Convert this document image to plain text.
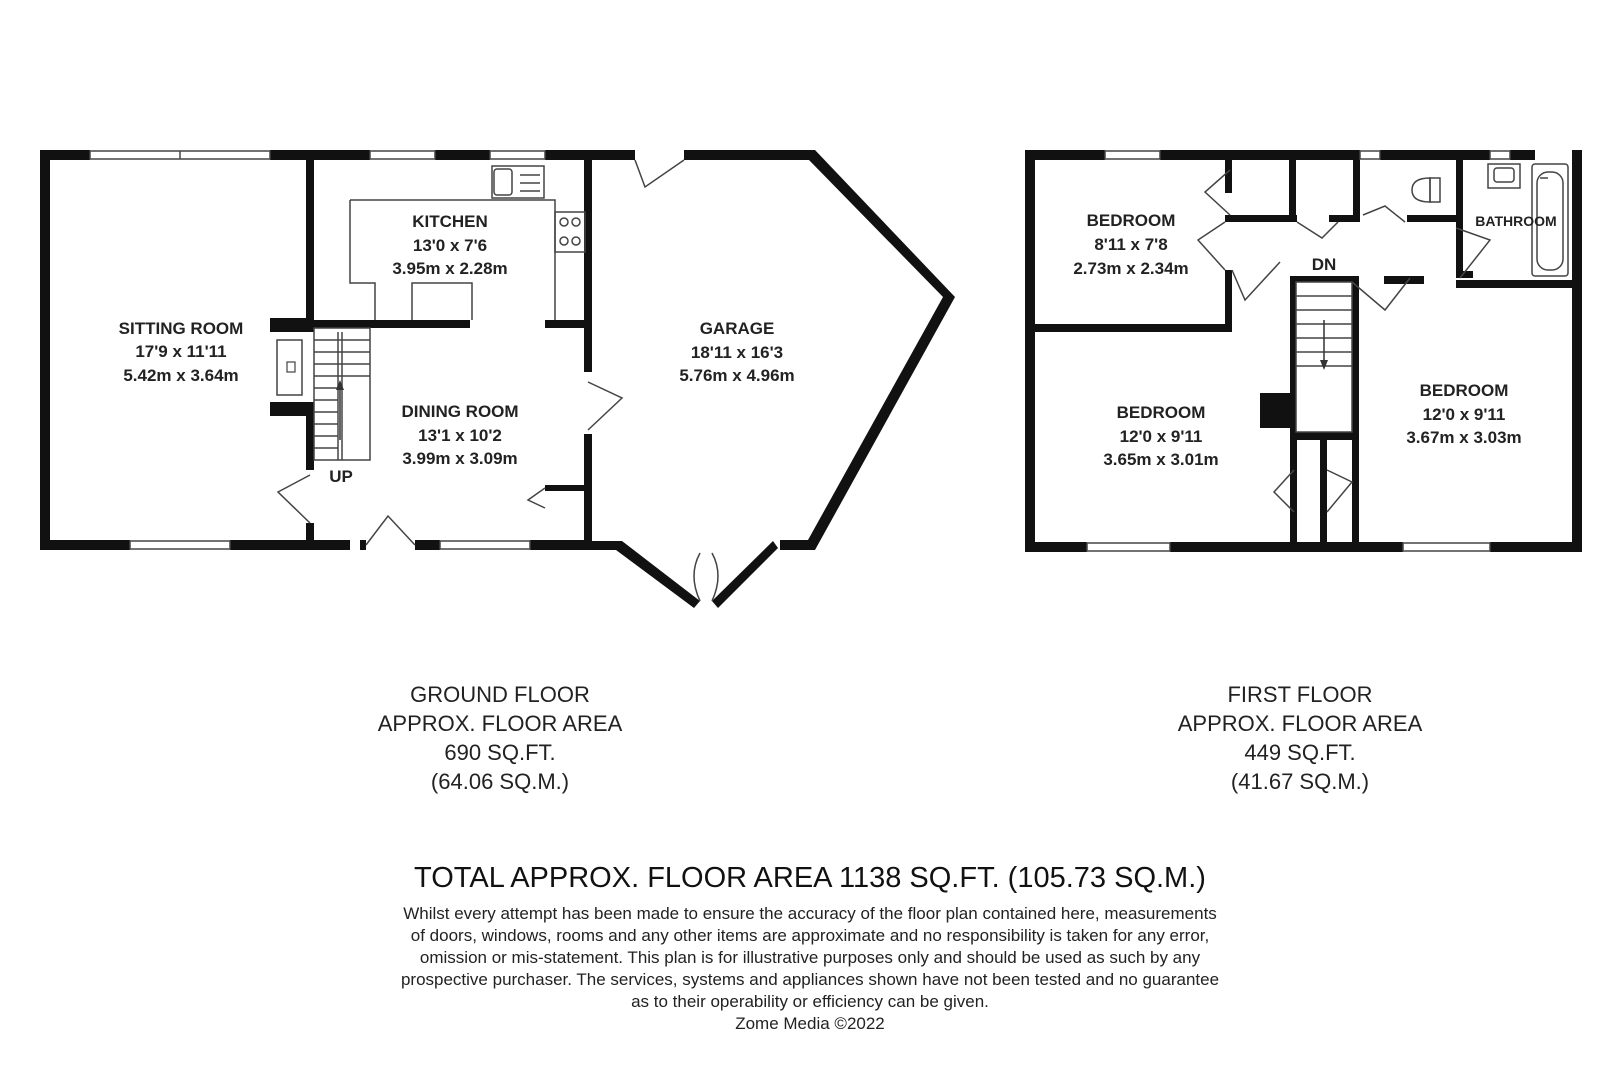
SITTING ROOM
17'9 x 11'11
5.42m x 3.64m
KITCHEN
13'0 x 7'6
3.95m x 2.28m
DINING ROOM
13'1 x 10'2
3.99m x 3.09m
GARAGE
18'11 x 16'3
5.76m x 4.96m
UP
BEDROOM
8'11 x 7'8
2.73m x 2.34m
BEDROOM
12'0 x 9'11
3.65m x 3.01m
BEDROOM
12'0 x 9'11
3.67m x 3.03m
BATHROOM
DN
GROUND FLOOR
APPROX. FLOOR AREA
690 SQ.FT.
(64.06 SQ.M.)
FIRST FLOOR
APPROX. FLOOR AREA
449 SQ.FT.
(41.67 SQ.M.)
TOTAL APPROX. FLOOR AREA 1138 SQ.FT. (105.73 SQ.M.)
Whilst every attempt has been made to ensure the accuracy of the floor plan contained here, measurements
of doors, windows, rooms and any other items are approximate and no responsibility is taken for any error,
omission or mis-statement. This plan is for illustrative purposes only and should be used as such by any
prospective purchaser. The services, systems and appliances shown have not been tested and no guarantee
as to their operability or efficiency can be given.
Zome Media ©2022
